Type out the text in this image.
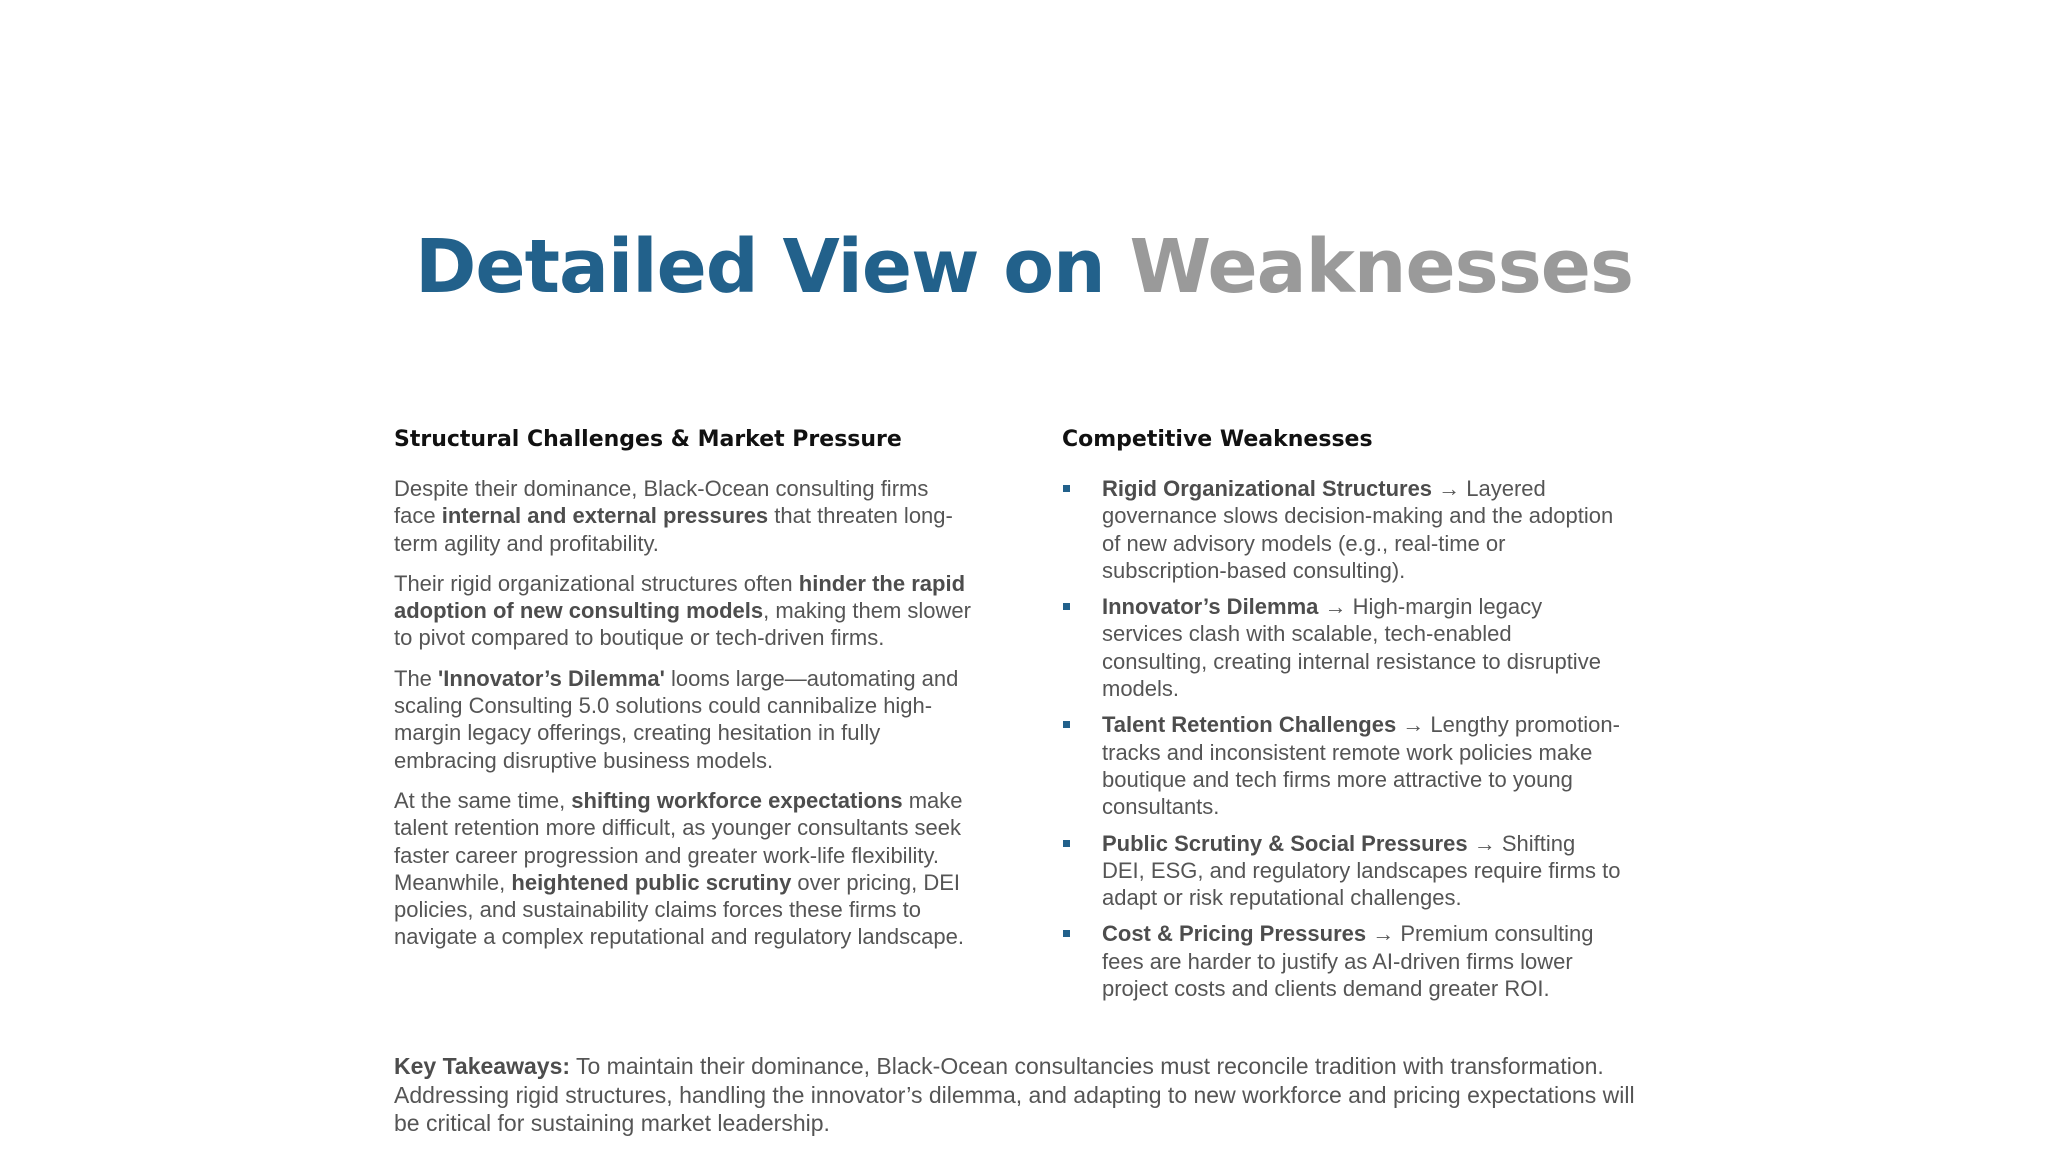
Detailed View on Weaknesses
Structural Challenges & Market Pressure

Despite their dominance, Black-Ocean consulting firms face internal and external pressures that threaten long-term agility and profitability.

Their rigid organizational structures often hinder the rapid adoption of new consulting models, making them slower to pivot compared to boutique or tech-driven firms.

The 'Innovator’s Dilemma' looms large—automating and scaling Consulting 5.0 solutions could cannibalize high-margin legacy offerings, creating hesitation in fully embracing disruptive business models.

At the same time, shifting workforce expectations make talent retention more difficult, as younger consultants seek faster career progression and greater work-life flexibility. Meanwhile, heightened public scrutiny over pricing, DEI policies, and sustainability claims forces these firms to navigate a complex reputational and regulatory landscape.

Competitive Weaknesses
Rigid Organizational Structures → Layered governance slows decision-making and the adoption of new advisory models (e.g., real-time or subscription-based consulting).
Innovator’s Dilemma → High-margin legacy services clash with scalable, tech-enabled consulting, creating internal resistance to disruptive models.
Talent Retention Challenges → Lengthy promotion-tracks and inconsistent remote work policies make boutique and tech firms more attractive to young consultants.
Public Scrutiny & Social Pressures → Shifting DEI, ESG, and regulatory landscapes require firms to adapt or risk reputational challenges.
Cost & Pricing Pressures → Premium consulting fees are harder to justify as AI-driven firms lower project costs and clients demand greater ROI.

Key Takeaways: To maintain their dominance, Black-Ocean consultancies must reconcile tradition with transformation. Addressing rigid structures, handling the innovator’s dilemma, and adapting to new workforce and pricing expectations will be critical for sustaining market leadership.
